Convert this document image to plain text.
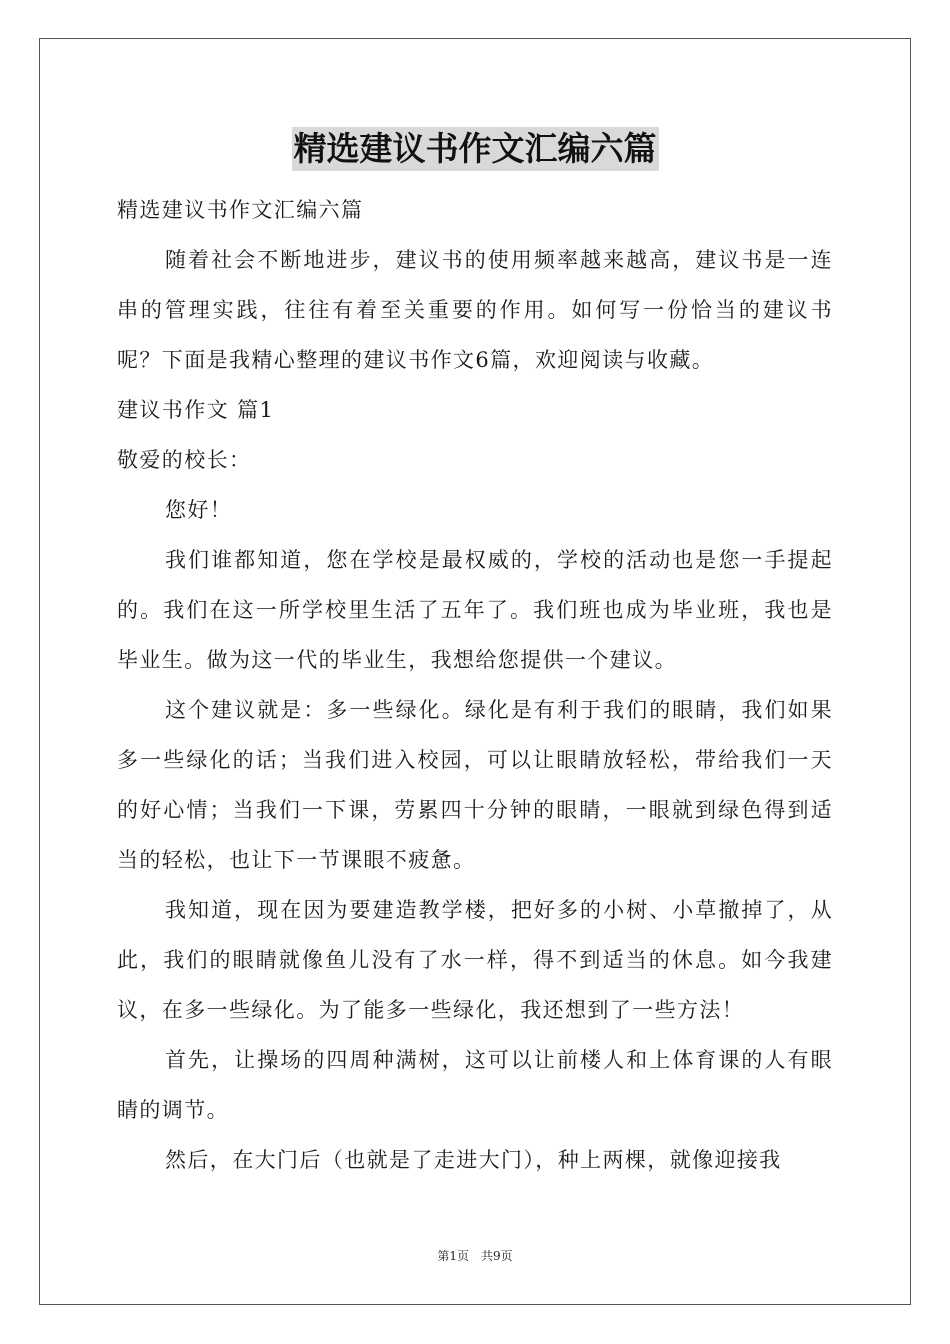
精选建议书作文汇编六篇

精选建议书作文汇编六篇

随着社会不断地进步，建议书的使用频率越来越高，建议书是一连串的管理实践，往往有着至关重要的作用。如何写一份恰当的建议书呢？下面是我精心整理的建议书作文6篇，欢迎阅读与收藏。

建议书作文 篇1

敬爱的校长：

您好！

我们谁都知道，您在学校是最权威的，学校的活动也是您一手提起的。我们在这一所学校里生活了五年了。我们班也成为毕业班，我也是毕业生。做为这一代的毕业生，我想给您提供一个建议。

这个建议就是：多一些绿化。绿化是有利于我们的眼睛，我们如果多一些绿化的话；当我们进入校园，可以让眼睛放轻松，带给我们一天的好心情；当我们一下课，劳累四十分钟的眼睛，一眼就到绿色得到适当的轻松，也让下一节课眼不疲惫。

我知道，现在因为要建造教学楼，把好多的小树、小草撤掉了，从此，我们的眼睛就像鱼儿没有了水一样，得不到适当的休息。如今我建议，在多一些绿化。为了能多一些绿化，我还想到了一些方法！

首先，让操场的四周种满树，这可以让前楼人和上体育课的人有眼睛的调节。

然后，在大门后（也就是了走进大门），种上两棵，就像迎接我

第1页　共9页
